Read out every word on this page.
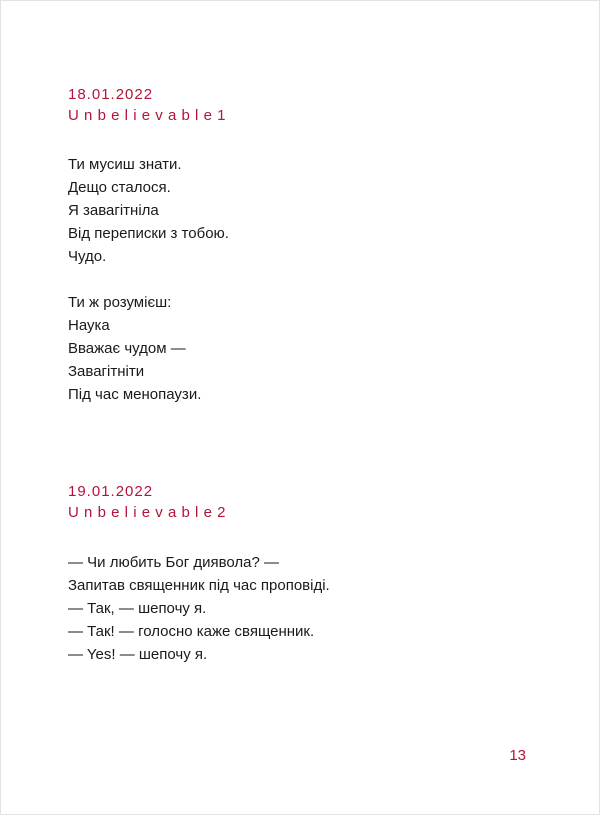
18.01.2022
Unbelievable1
Ти мусиш знати.
Дещо сталося.
Я завагітніла
Від переписки з тобою.
Чудо.
Ти ж розумієш:
Наука
Вважає чудом —
Завагітніти
Під час менопаузи.
19.01.2022
Unbelievable2
— Чи любить Бог диявола? —
Запитав священник під час проповіді.
— Так, — шепочу я.
— Так! — голосно каже священник.
— Yes! — шепочу я.
13
